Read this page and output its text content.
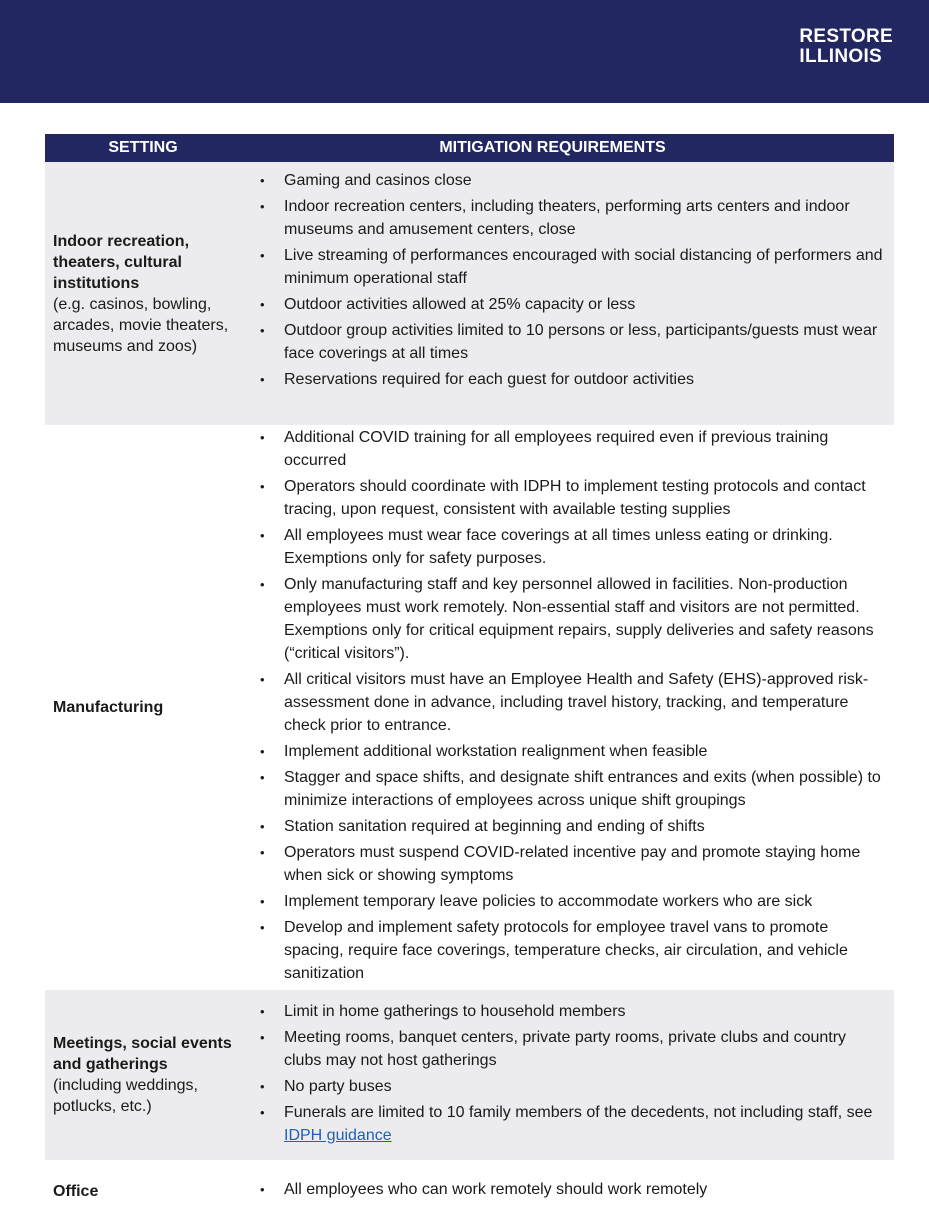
RESTORE
ILLINOIS
SETTING	MITIGATION REQUIREMENTS
Indoor recreation, theaters, cultural institutions
(e.g. casinos, bowling, arcades, movie theaters, museums and zoos)
• Gaming and casinos close
• Indoor recreation centers, including theaters, performing arts centers and indoor museums and amusement centers, close
• Live streaming of performances encouraged with social distancing of performers and minimum operational staff
• Outdoor activities allowed at 25% capacity or less
• Outdoor group activities limited to 10 persons or less, participants/guests must wear face coverings at all times
• Reservations required for each guest for outdoor activities
Manufacturing
• Additional COVID training for all employees required even if previous training occurred
• Operators should coordinate with IDPH to implement testing protocols and contact tracing, upon request, consistent with available testing supplies
• All employees must wear face coverings at all times unless eating or drinking. Exemptions only for safety purposes.
• Only manufacturing staff and key personnel allowed in facilities. Non-production employees must work remotely. Non-essential staff and visitors are not permitted. Exemptions only for critical equipment repairs, supply deliveries and safety reasons (“critical visitors”).
• All critical visitors must have an Employee Health and Safety (EHS)-approved risk-assessment done in advance, including travel history, tracking, and temperature check prior to entrance.
• Implement additional workstation realignment when feasible
• Stagger and space shifts, and designate shift entrances and exits (when possible) to minimize interactions of employees across unique shift groupings
• Station sanitation required at beginning and ending of shifts
• Operators must suspend COVID-related incentive pay and promote staying home when sick or showing symptoms
• Implement temporary leave policies to accommodate workers who are sick
• Develop and implement safety protocols for employee travel vans to promote spacing, require face coverings, temperature checks, air circulation, and vehicle sanitization
Meetings, social events and gatherings
(including weddings, potlucks, etc.)
• Limit in home gatherings to household members
• Meeting rooms, banquet centers, private party rooms, private clubs and country clubs may not host gatherings
• No party buses
• Funerals are limited to 10 family members of the decedents, not including staff, see IDPH guidance
Office
•	All employees who can work remotely should work remotely
